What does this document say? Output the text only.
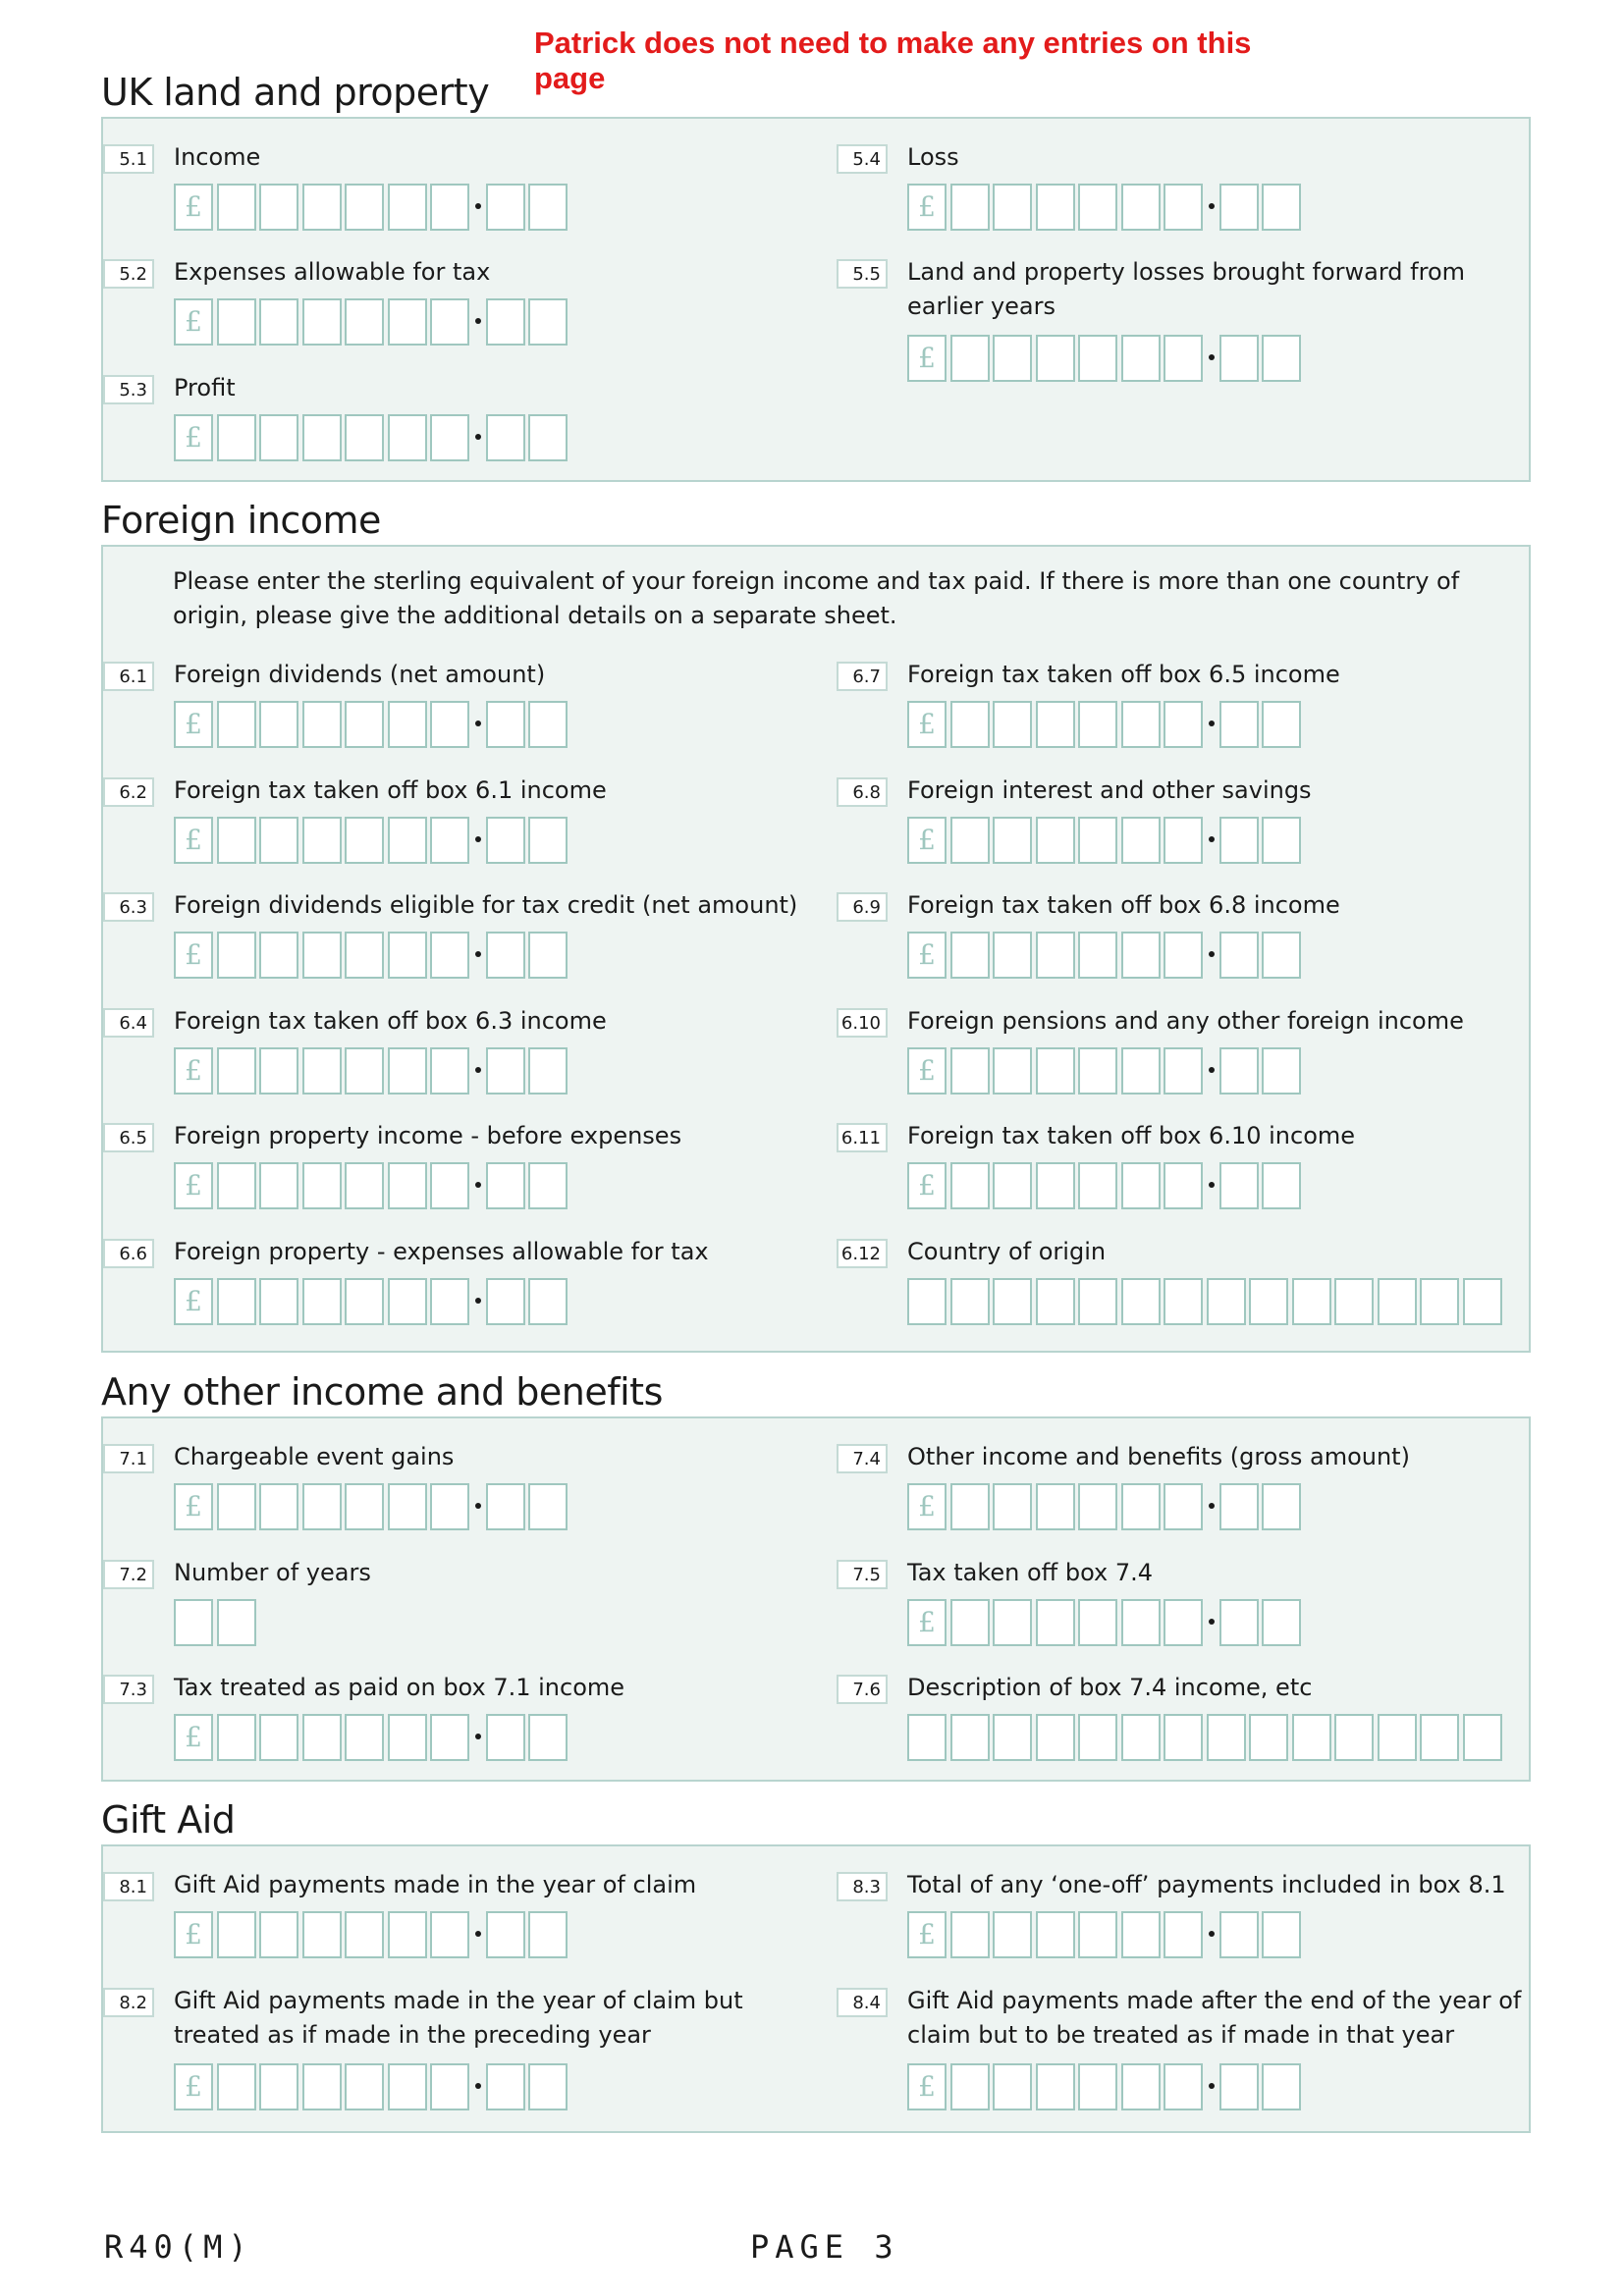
Patrick does not need to make any entries on this page
UK land and property
5.1 Income
£
5.2 Expenses allowable for tax
£
5.3 Profit
£
5.4 Loss
£
5.5 Land and property losses brought forward from
earlier years
£
Foreign income
Please enter the sterling equivalent of your foreign income and tax paid. If there is more than one country of origin, please give the additional details on a separate sheet.
6.1 Foreign dividends (net amount)
£
6.2 Foreign tax taken off box 6.1 income
£
6.3 Foreign dividends eligible for tax credit (net amount)
£
6.4 Foreign tax taken off box 6.3 income
£
6.5 Foreign property income - before expenses
£
6.6 Foreign property - expenses allowable for tax
£
6.7 Foreign tax taken off box 6.5 income
£
6.8 Foreign interest and other savings
£
6.9 Foreign tax taken off box 6.8 income
£
6.10 Foreign pensions and any other foreign income
£
6.11 Foreign tax taken off box 6.10 income
£
6.12 Country of origin
Any other income and benefits
7.1 Chargeable event gains
£
7.2 Number of years
7.3 Tax treated as paid on box 7.1 income
£
7.4 Other income and benefits (gross amount)
£
7.5 Tax taken off box 7.4
£
7.6 Description of box 7.4 income, etc
Gift Aid
8.1 Gift Aid payments made in the year of claim
£
8.2 Gift Aid payments made in the year of claim but
treated as if made in the preceding year
£
8.3 Total of any ‘one-off’ payments included in box 8.1
£
8.4 Gift Aid payments made after the end of the year of
claim but to be treated as if made in that year
£
R40(M)	PAGE 3
